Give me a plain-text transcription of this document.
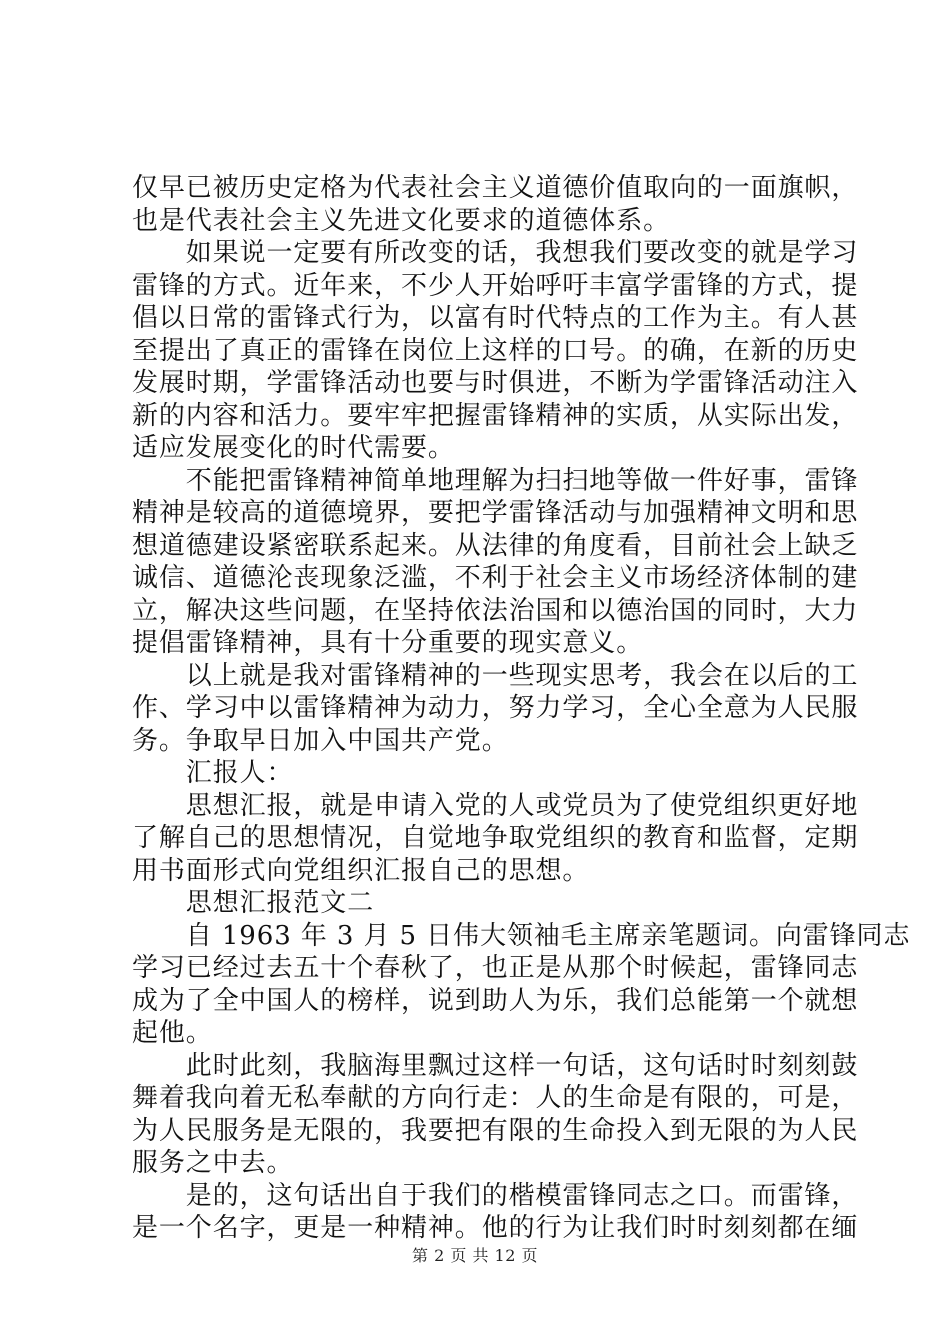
仅早已被历史定格为代表社会主义道德价值取向的一面旗帜，
也是代表社会主义先进文化要求的道德体系。
　　如果说一定要有所改变的话，我想我们要改变的就是学习
雷锋的方式。近年来，不少人开始呼吁丰富学雷锋的方式，提
倡以日常的雷锋式行为，以富有时代特点的工作为主。有人甚
至提出了真正的雷锋在岗位上这样的口号。的确，在新的历史
发展时期，学雷锋活动也要与时俱进，不断为学雷锋活动注入
新的内容和活力。要牢牢把握雷锋精神的实质，从实际出发，
适应发展变化的时代需要。
　　不能把雷锋精神简单地理解为扫扫地等做一件好事，雷锋
精神是较高的道德境界，要把学雷锋活动与加强精神文明和思
想道德建设紧密联系起来。从法律的角度看，目前社会上缺乏
诚信、道德沦丧现象泛滥，不利于社会主义市场经济体制的建
立，解决这些问题，在坚持依法治国和以德治国的同时，大力
提倡雷锋精神，具有十分重要的现实意义。
　　以上就是我对雷锋精神的一些现实思考，我会在以后的工
作、学习中以雷锋精神为动力，努力学习，全心全意为人民服
务。争取早日加入中国共产党。
　　汇报人：
　　思想汇报，就是申请入党的人或党员为了使党组织更好地
了解自己的思想情况，自觉地争取党组织的教育和监督，定期
用书面形式向党组织汇报自己的思想。
　　思想汇报范文二
　　自 1963 年 3 月 5 日伟大领袖毛主席亲笔题词。向雷锋同志
学习已经过去五十个春秋了，也正是从那个时候起，雷锋同志
成为了全中国人的榜样，说到助人为乐，我们总能第一个就想
起他。
　　此时此刻，我脑海里飘过这样一句话，这句话时时刻刻鼓
舞着我向着无私奉献的方向行走：人的生命是有限的，可是，
为人民服务是无限的，我要把有限的生命投入到无限的为人民
服务之中去。
　　是的，这句话出自于我们的楷模雷锋同志之口。而雷锋，
是一个名字，更是一种精神。他的行为让我们时时刻刻都在缅
第 2 页 共 12 页
